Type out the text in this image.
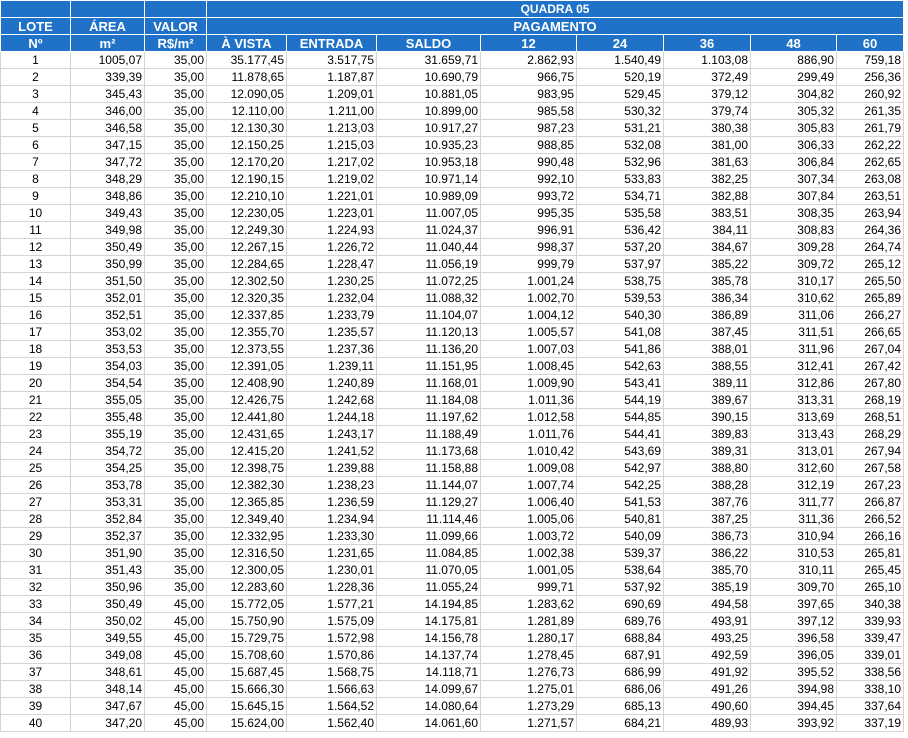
			QUADRA 05							
LOTE	ÁREA	VALOR	PAGAMENTO							
Nº	m²	R$/m²	À VISTA	ENTRADA	SALDO	12	24	36	48	60
1	1005,07	35,00	35.177,45	3.517,75	31.659,71	2.862,93	1.540,49	1.103,08	886,90	759,18
2	339,39	35,00	11.878,65	1.187,87	10.690,79	966,75	520,19	372,49	299,49	256,36
3	345,43	35,00	12.090,05	1.209,01	10.881,05	983,95	529,45	379,12	304,82	260,92
4	346,00	35,00	12.110,00	1.211,00	10.899,00	985,58	530,32	379,74	305,32	261,35
5	346,58	35,00	12.130,30	1.213,03	10.917,27	987,23	531,21	380,38	305,83	261,79
6	347,15	35,00	12.150,25	1.215,03	10.935,23	988,85	532,08	381,00	306,33	262,22
7	347,72	35,00	12.170,20	1.217,02	10.953,18	990,48	532,96	381,63	306,84	262,65
8	348,29	35,00	12.190,15	1.219,02	10.971,14	992,10	533,83	382,25	307,34	263,08
9	348,86	35,00	12.210,10	1.221,01	10.989,09	993,72	534,71	382,88	307,84	263,51
10	349,43	35,00	12.230,05	1.223,01	11.007,05	995,35	535,58	383,51	308,35	263,94
11	349,98	35,00	12.249,30	1.224,93	11.024,37	996,91	536,42	384,11	308,83	264,36
12	350,49	35,00	12.267,15	1.226,72	11.040,44	998,37	537,20	384,67	309,28	264,74
13	350,99	35,00	12.284,65	1.228,47	11.056,19	999,79	537,97	385,22	309,72	265,12
14	351,50	35,00	12.302,50	1.230,25	11.072,25	1.001,24	538,75	385,78	310,17	265,50
15	352,01	35,00	12.320,35	1.232,04	11.088,32	1.002,70	539,53	386,34	310,62	265,89
16	352,51	35,00	12.337,85	1.233,79	11.104,07	1.004,12	540,30	386,89	311,06	266,27
17	353,02	35,00	12.355,70	1.235,57	11.120,13	1.005,57	541,08	387,45	311,51	266,65
18	353,53	35,00	12.373,55	1.237,36	11.136,20	1.007,03	541,86	388,01	311,96	267,04
19	354,03	35,00	12.391,05	1.239,11	11.151,95	1.008,45	542,63	388,55	312,41	267,42
20	354,54	35,00	12.408,90	1.240,89	11.168,01	1.009,90	543,41	389,11	312,86	267,80
21	355,05	35,00	12.426,75	1.242,68	11.184,08	1.011,36	544,19	389,67	313,31	268,19
22	355,48	35,00	12.441,80	1.244,18	11.197,62	1.012,58	544,85	390,15	313,69	268,51
23	355,19	35,00	12.431,65	1.243,17	11.188,49	1.011,76	544,41	389,83	313,43	268,29
24	354,72	35,00	12.415,20	1.241,52	11.173,68	1.010,42	543,69	389,31	313,01	267,94
25	354,25	35,00	12.398,75	1.239,88	11.158,88	1.009,08	542,97	388,80	312,60	267,58
26	353,78	35,00	12.382,30	1.238,23	11.144,07	1.007,74	542,25	388,28	312,19	267,23
27	353,31	35,00	12.365,85	1.236,59	11.129,27	1.006,40	541,53	387,76	311,77	266,87
28	352,84	35,00	12.349,40	1.234,94	11.114,46	1.005,06	540,81	387,25	311,36	266,52
29	352,37	35,00	12.332,95	1.233,30	11.099,66	1.003,72	540,09	386,73	310,94	266,16
30	351,90	35,00	12.316,50	1.231,65	11.084,85	1.002,38	539,37	386,22	310,53	265,81
31	351,43	35,00	12.300,05	1.230,01	11.070,05	1.001,05	538,64	385,70	310,11	265,45
32	350,96	35,00	12.283,60	1.228,36	11.055,24	999,71	537,92	385,19	309,70	265,10
33	350,49	45,00	15.772,05	1.577,21	14.194,85	1.283,62	690,69	494,58	397,65	340,38
34	350,02	45,00	15.750,90	1.575,09	14.175,81	1.281,89	689,76	493,91	397,12	339,93
35	349,55	45,00	15.729,75	1.572,98	14.156,78	1.280,17	688,84	493,25	396,58	339,47
36	349,08	45,00	15.708,60	1.570,86	14.137,74	1.278,45	687,91	492,59	396,05	339,01
37	348,61	45,00	15.687,45	1.568,75	14.118,71	1.276,73	686,99	491,92	395,52	338,56
38	348,14	45,00	15.666,30	1.566,63	14.099,67	1.275,01	686,06	491,26	394,98	338,10
39	347,67	45,00	15.645,15	1.564,52	14.080,64	1.273,29	685,13	490,60	394,45	337,64
40	347,20	45,00	15.624,00	1.562,40	14.061,60	1.271,57	684,21	489,93	393,92	337,19
